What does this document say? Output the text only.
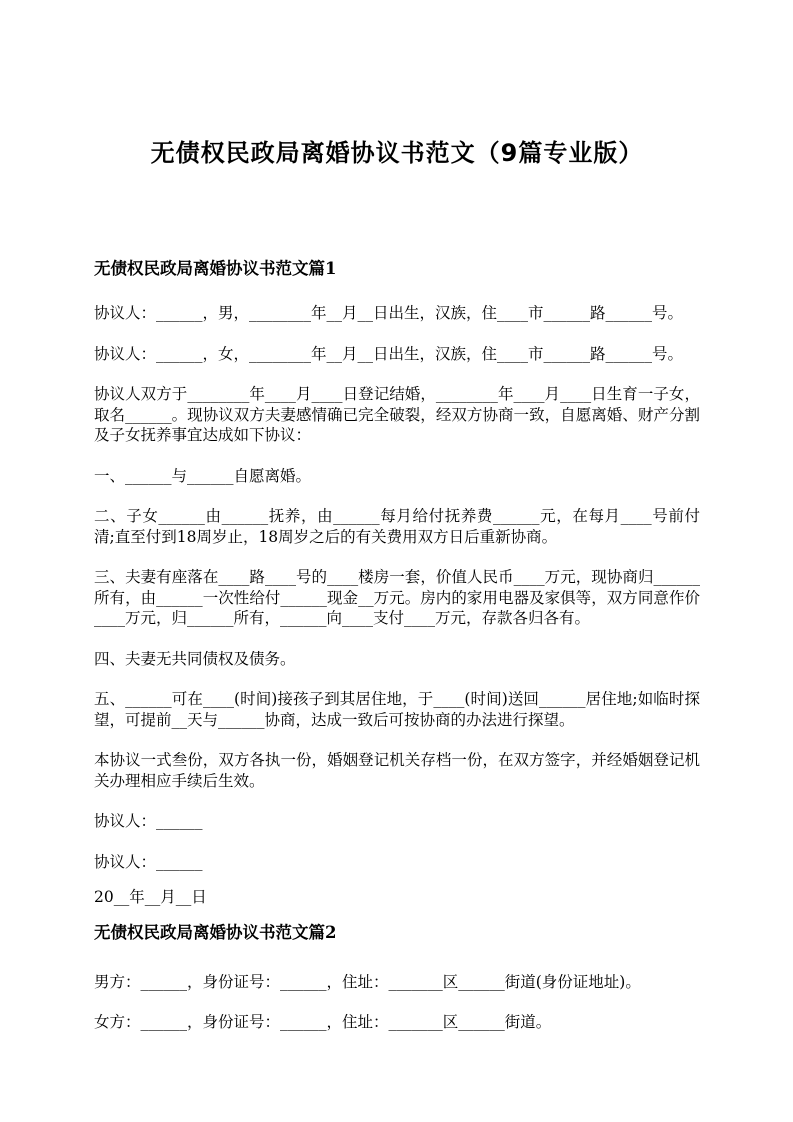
无债权民政局离婚协议书范文（9篇专业版）
无债权民政局离婚协议书范文篇1

协议人：______，男，________年__月__日出生，汉族，住____市______路______号。

协议人：______，女，________年__月__日出生，汉族，住____市______路______号。

协议人双方于________年____月____日登记结婚，________年____月____日生育一子女，取名______。现协议双方夫妻感情确已完全破裂，经双方协商一致，自愿离婚、财产分割及子女抚养事宜达成如下协议：

一、______与______自愿离婚。

二、子女______由______抚养，由______每月给付抚养费______元，在每月____号前付清;直至付到18周岁止，18周岁之后的有关费用双方日后重新协商。

三、夫妻有座落在____路____号的____楼房一套，价值人民币____万元，现协商归______所有，由______一次性给付______现金__万元。房内的家用电器及家俱等，双方同意作价____万元，归______所有，______向____支付____万元，存款各归各有。

四、夫妻无共同债权及债务。

五、______可在____(时间)接孩子到其居住地，于____(时间)送回______居住地;如临时探望，可提前__天与______协商，达成一致后可按协商的办法进行探望。

本协议一式叁份，双方各执一份，婚姻登记机关存档一份，在双方签字，并经婚姻登记机关办理相应手续后生效。

协议人：______

协议人：______

20__年__月__日

无债权民政局离婚协议书范文篇2

男方：______，身份证号：______，住址：_______区______街道(身份证地址)。

女方：______，身份证号：______，住址：_______区______街道。
